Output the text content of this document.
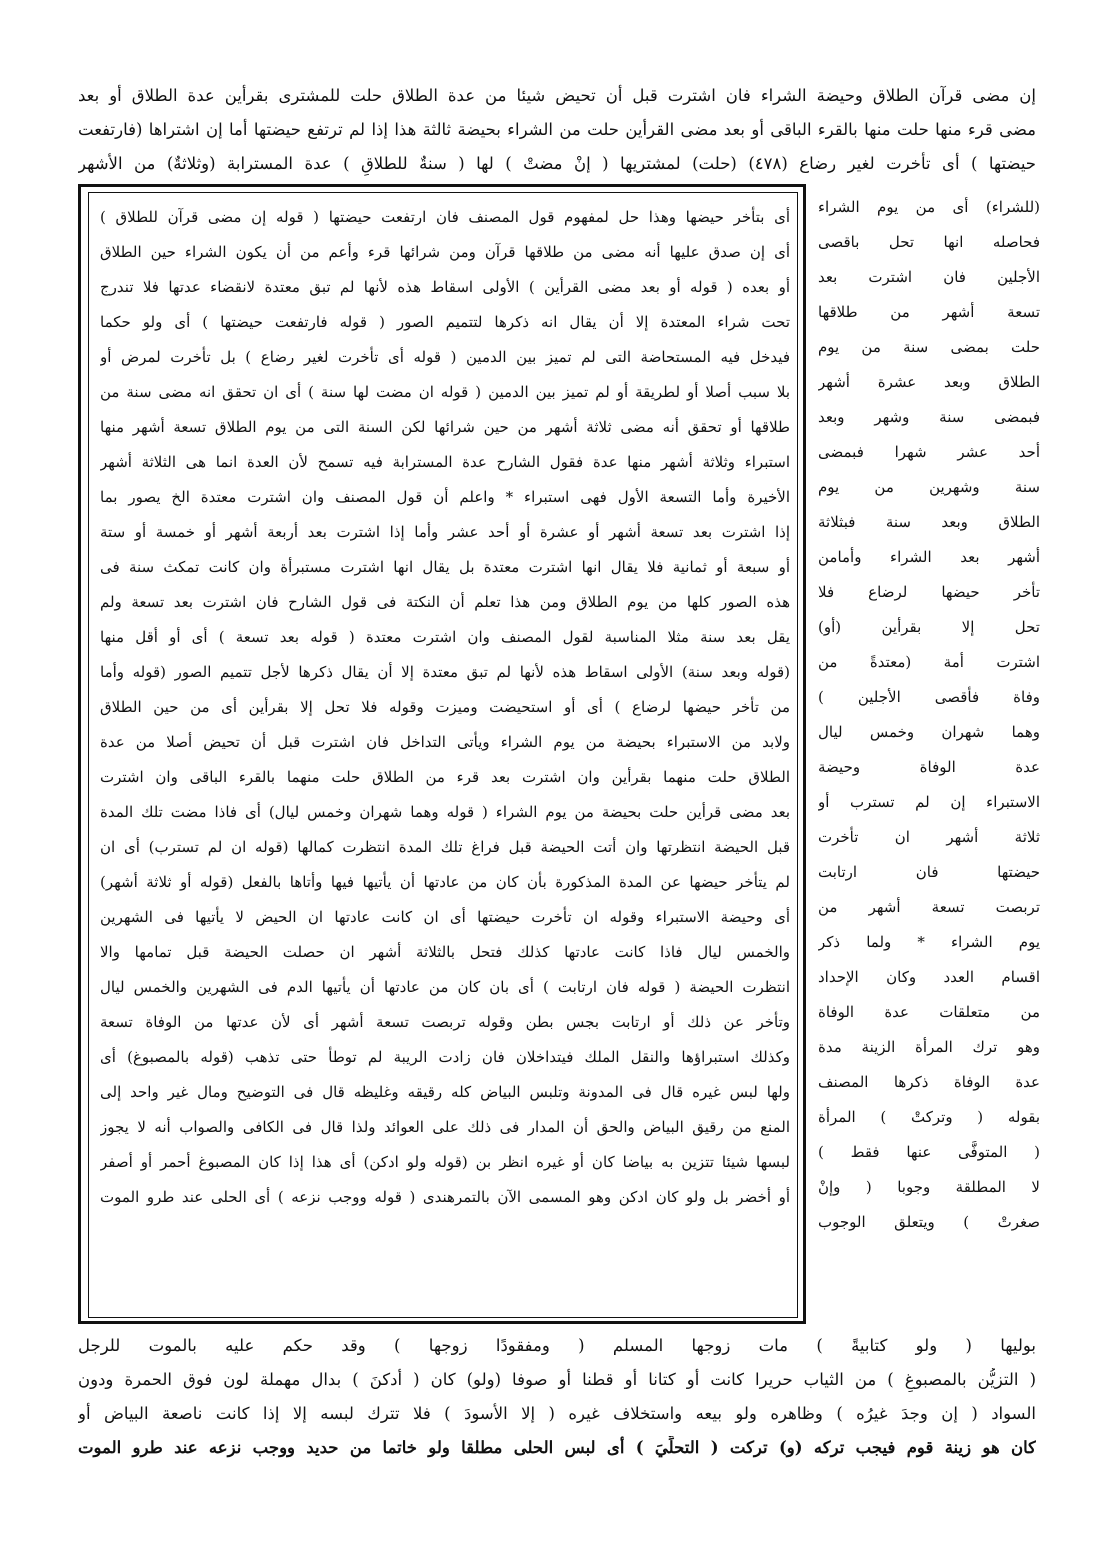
إن مضى قرآن الطلاق وحيضة الشراء فان اشترت قبل أن تحيض شيئا من عدة الطلاق حلت للمشترى بقرأين عدة الطلاق أو بعد
مضى قرء منها حلت منها بالقرء الباقى أو بعد مضى القرأين حلت من الشراء بحيضة ثالثة هذا إذا لم ترتفع حيضتها أما إن اشتراها (فارتفعت
حيضتها ) أى تأخرت لغير رضاع (٤٧٨) (حلت) لمشتريها ( إنْ مضتْ ) لها ( سنةٌ للطلاقِ ) عدة المسترابة (وثلاثةٌ) من الأشهر
أى بتأخر حيضها وهذا حل لمفهوم قول المصنف فان ارتفعت حيضتها ( قوله إن مضى قرآن للطلاق )
أى إن صدق عليها أنه مضى من طلاقها قرآن ومن شرائها قرء وأعم من أن يكون الشراء حين الطلاق
أو بعده ( قوله أو بعد مضى القرأين ) الأولى اسقاط هذه لأنها لم تبق معتدة لانقضاء عدتها فلا تندرج
تحت شراء المعتدة إلا أن يقال انه ذكرها لتتميم الصور ( قوله فارتفعت حيضتها ) أى ولو حكما
فيدخل فيه المستحاضة التى لم تميز بين الدمين ( قوله أى تأخرت لغير رضاع ) بل تأخرت لمرض أو
بلا سبب أصلا أو لطريقة أو لم تميز بين الدمين ( قوله ان مضت لها سنة ) أى ان تحقق انه مضى سنة من
طلاقها أو تحقق أنه مضى ثلاثة أشهر من حين شرائها لكن السنة التى من يوم الطلاق تسعة أشهر منها
استبراء وثلاثة أشهر منها عدة فقول الشارح عدة المسترابة فيه تسمح لأن العدة انما هى الثلاثة أشهر
الأخيرة وأما التسعة الأول فهى استبراء * واعلم أن قول المصنف وان اشترت معتدة الخ يصور بما
إذا اشترت بعد تسعة أشهر أو عشرة أو أحد عشر وأما إذا اشترت بعد أربعة أشهر أو خمسة أو ستة
أو سبعة أو ثمانية فلا يقال انها اشترت معتدة بل يقال انها اشترت مستبرأة وان كانت تمكث سنة فى
هذه الصور كلها من يوم الطلاق ومن هذا تعلم أن النكتة فى قول الشارح فان اشترت بعد تسعة ولم
يقل بعد سنة مثلا المناسبة لقول المصنف وان اشترت معتدة ( قوله بعد تسعة ) أى أو أقل منها
(قوله وبعد سنة) الأولى اسقاط هذه لأنها لم تبق معتدة إلا أن يقال ذكرها لأجل تتميم الصور (قوله وأما
من تأخر حيضها لرضاع ) أى أو استحيضت وميزت وقوله فلا تحل إلا بقرأين أى من حين الطلاق
ولابد من الاستبراء بحيضة من يوم الشراء ويأتى التداخل فان اشترت قبل أن تحيض أصلا من عدة
الطلاق حلت منهما بقرأين وان اشترت بعد قرء من الطلاق حلت منهما بالقرء الباقى وان اشترت
بعد مضى قرأين حلت بحيضة من يوم الشراء ( قوله وهما شهران وخمس ليال) أى فاذا مضت تلك المدة
قبل الحيضة انتظرتها وان أتت الحيضة قبل فراغ تلك المدة انتظرت كمالها (قوله ان لم تسترب) أى ان
لم يتأخر حيضها عن المدة المذكورة بأن كان من عادتها أن يأتيها فيها وأتاها بالفعل (قوله أو ثلاثة أشهر)
أى وحيضة الاستبراء وقوله ان تأخرت حيضتها أى ان كانت عادتها ان الحيض لا يأتيها فى الشهرين
والخمس ليال فاذا كانت عادتها كذلك فتحل بالثلاثة أشهر ان حصلت الحيضة قبل تمامها والا
انتظرت الحيضة ( قوله فان ارتابت ) أى بان كان من عادتها أن يأتيها الدم فى الشهرين والخمس ليال
وتأخر عن ذلك أو ارتابت بجس بطن وقوله تربصت تسعة أشهر أى لأن عدتها من الوفاة تسعة
وكذلك استبراؤها والنقل الملك فيتداخلان فان زادت الريبة لم توطأ حتى تذهب (قوله بالمصبوغ) أى
ولها لبس غيره قال فى المدونة وتلبس البياض كله رقيقه وغليظه قال فى التوضيح ومال غير واحد إلى
المنع من رقيق البياض والحق أن المدار فى ذلك على العوائد ولذا قال فى الكافى والصواب أنه لا يجوز
لبسها شيئا تتزين به بياضا كان أو غيره انظر بن (قوله ولو ادكن) أى هذا إذا كان المصبوغ أحمر أو أصفر
أو أخضر بل ولو كان ادكن وهو المسمى الآن بالتمرهندى ( قوله ووجب نزعه ) أى الحلى عند طرو الموت
(للشراء) أى من يوم الشراء
فحاصله انها تحل باقصى
الأجلين فان اشترت بعد
تسعة أشهر من طلاقها
حلت بمضى سنة من يوم
الطلاق وبعد عشرة أشهر
فبمضى سنة وشهر وبعد
أحد عشر شهرا فبمضى
سنة وشهرين من يوم
الطلاق وبعد سنة فبثلاثة
أشهر بعد الشراء وأمامن
تأخر حيضها لرضاع فلا
تحل إلا بقرأين (أو)
اشترت أمة (معتدةً من
وفاة فأقصى الأجلين )
وهما شهران وخمس ليال
عدة الوفاة وحيضة
الاستبراء إن لم تسترب أو
ثلاثة أشهر ان تأخرت
حيضتها فان ارتابت
تربصت تسعة أشهر من
يوم الشراء * ولما ذكر
اقسام العدد وكان الإحداد
من متعلقات عدة الوفاة
وهو ترك المرأة الزينة مدة
عدة الوفاة ذكرها المصنف
بقوله ( وتركتْ ) المرأة
( المتوفَّى عنها فقط )
لا المطلقة وجوبا ( وإنْ
صغرتْ ) ويتعلق الوجوب
بوليها ( ولو كتابيةً ) مات زوجها المسلم ( ومفقودًا زوجها ) وقد حكم عليه بالموت للرجل
( التزيُّن بالمصبوغِ ) من الثياب حريرا كانت أو كتانا أو قطنا أو صوفا (ولو) كان ( أدكنَ ) بدال مهملة لون فوق الحمرة ودون
السواد ( إن وجدَ غيرُه ) وظاهره ولو بيعه واستخلاف غيره ( إلا الأسودَ ) فلا تترك لبسه إلا إذا كانت ناصعة البياض أو
كان هو زينة قوم فيجب تركه (و) تركت ( التحلِّيَ ) أى لبس الحلى مطلقا ولو خاتما من حديد ووجب نزعه عند طرو الموت
